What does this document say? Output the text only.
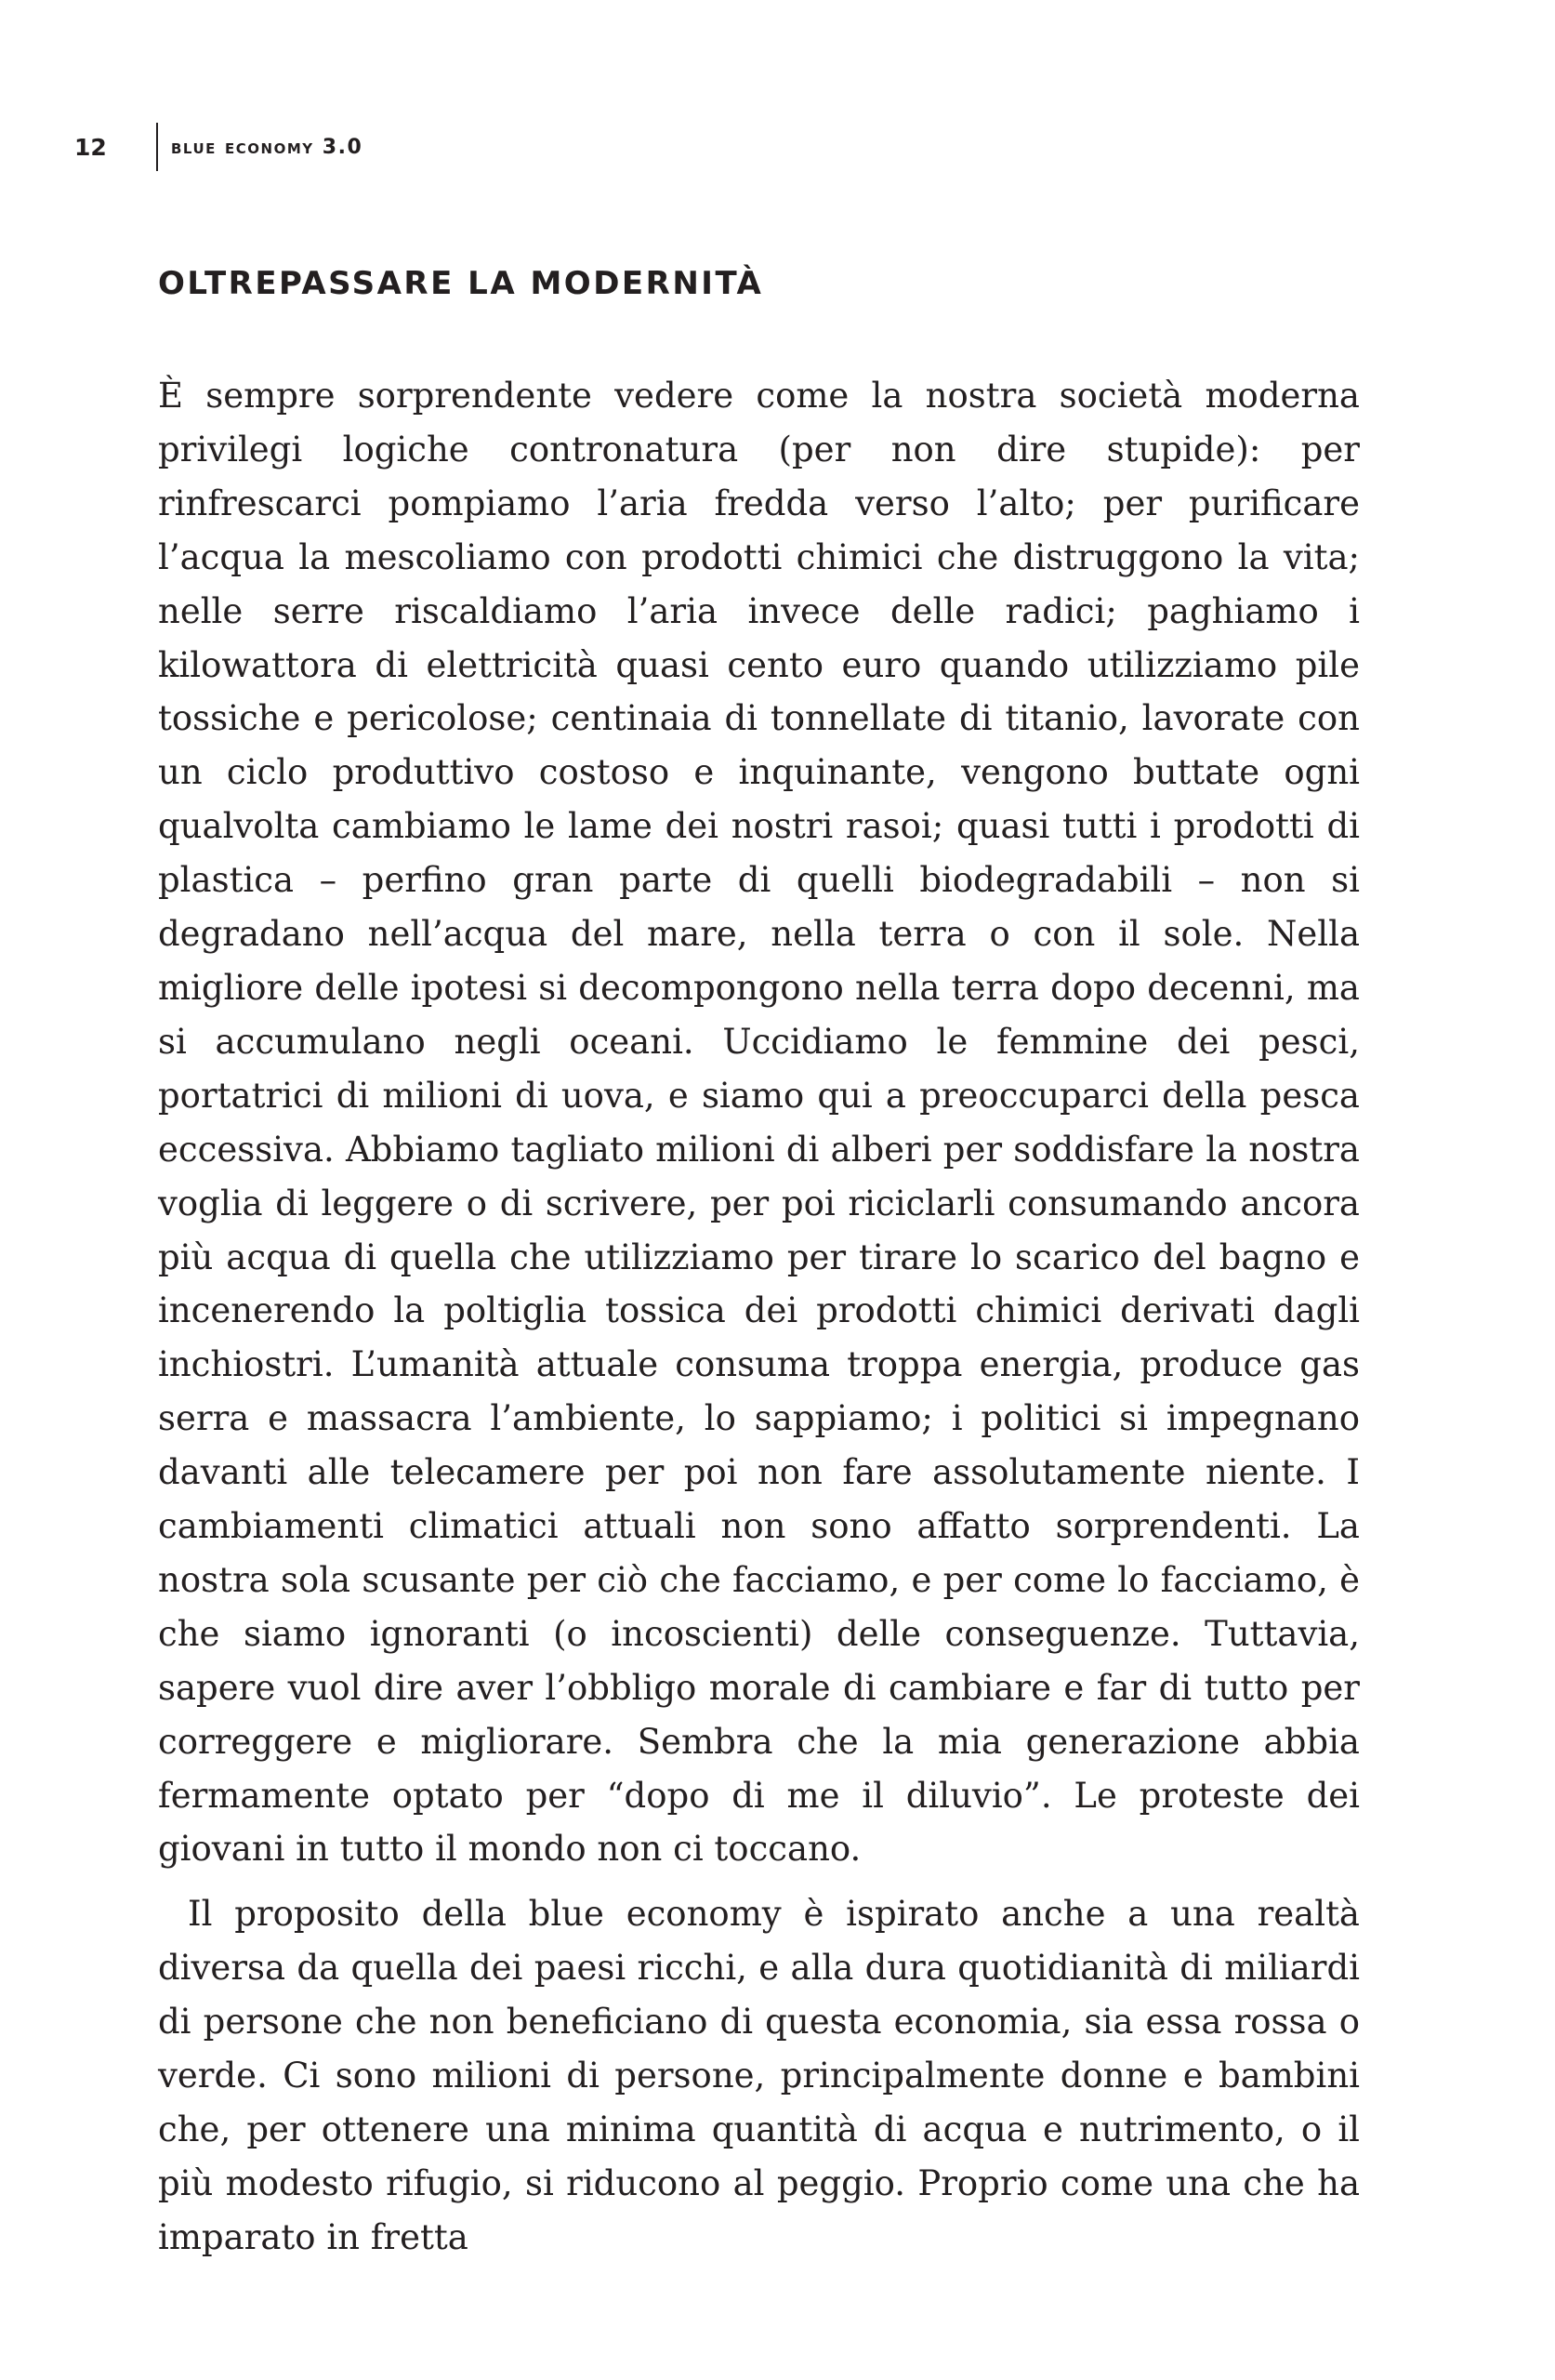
12	blue economy 3.0
OLTREPASSARE LA MODERNITÀ

È sempre sorprendente vedere come la nostra società moderna privilegi logiche contronatura (per non dire stupide): per rinfrescarci pompiamo l’aria fredda verso l’alto; per purificare l’acqua la mescoliamo con prodotti chimici che distruggono la vita; nelle serre riscaldiamo l’aria invece delle radici; paghiamo i kilowattora di elettricità quasi cento euro quando utilizziamo pile tossiche e pericolose; centinaia di tonnellate di titanio, lavorate con un ciclo produttivo costoso e inquinante, vengono buttate ogni qualvolta cambiamo le lame dei nostri rasoi; quasi tutti i prodotti di plastica – perfino gran parte di quelli biodegradabili – non si degradano nell’acqua del mare, nella terra o con il sole. Nella migliore delle ipotesi si decompongono nella terra dopo decenni, ma si accumulano negli oceani. Uccidiamo le femmine dei pesci, portatrici di milioni di uova, e siamo qui a preoccuparci della pesca eccessiva. Abbiamo tagliato milioni di alberi per soddisfare la nostra voglia di leggere o di scrivere, per poi riciclarli consumando ancora più acqua di quella che utilizziamo per tirare lo scarico del bagno e incenerendo la poltiglia tossica dei prodotti chimici derivati dagli inchiostri. L’umanità attuale consuma troppa energia, produce gas serra e massacra l’ambiente, lo sappiamo; i politici si impegnano davanti alle telecamere per poi non fare assolutamente niente. I cambiamenti climatici attuali non sono affatto sorprendenti. La nostra sola scusante per ciò che facciamo, e per come lo facciamo, è che siamo ignoranti (o incoscienti) delle conseguenze. Tuttavia, sapere vuol dire aver l’obbligo morale di cambiare e far di tutto per correggere e migliorare. Sembra che la mia generazione abbia fermamente optato per “dopo di me il diluvio”. Le proteste dei giovani in tutto il mondo non ci toccano.

Il proposito della blue economy è ispirato anche a una realtà diversa da quella dei paesi ricchi, e alla dura quotidianità di miliardi di persone che non beneficiano di questa economia, sia essa rossa o verde. Ci sono milioni di persone, principalmente donne e bambini che, per ottenere una minima quantità di acqua e nutrimento, o il più modesto rifugio, si riducono al peggio. Proprio come una che ha imparato in fretta
